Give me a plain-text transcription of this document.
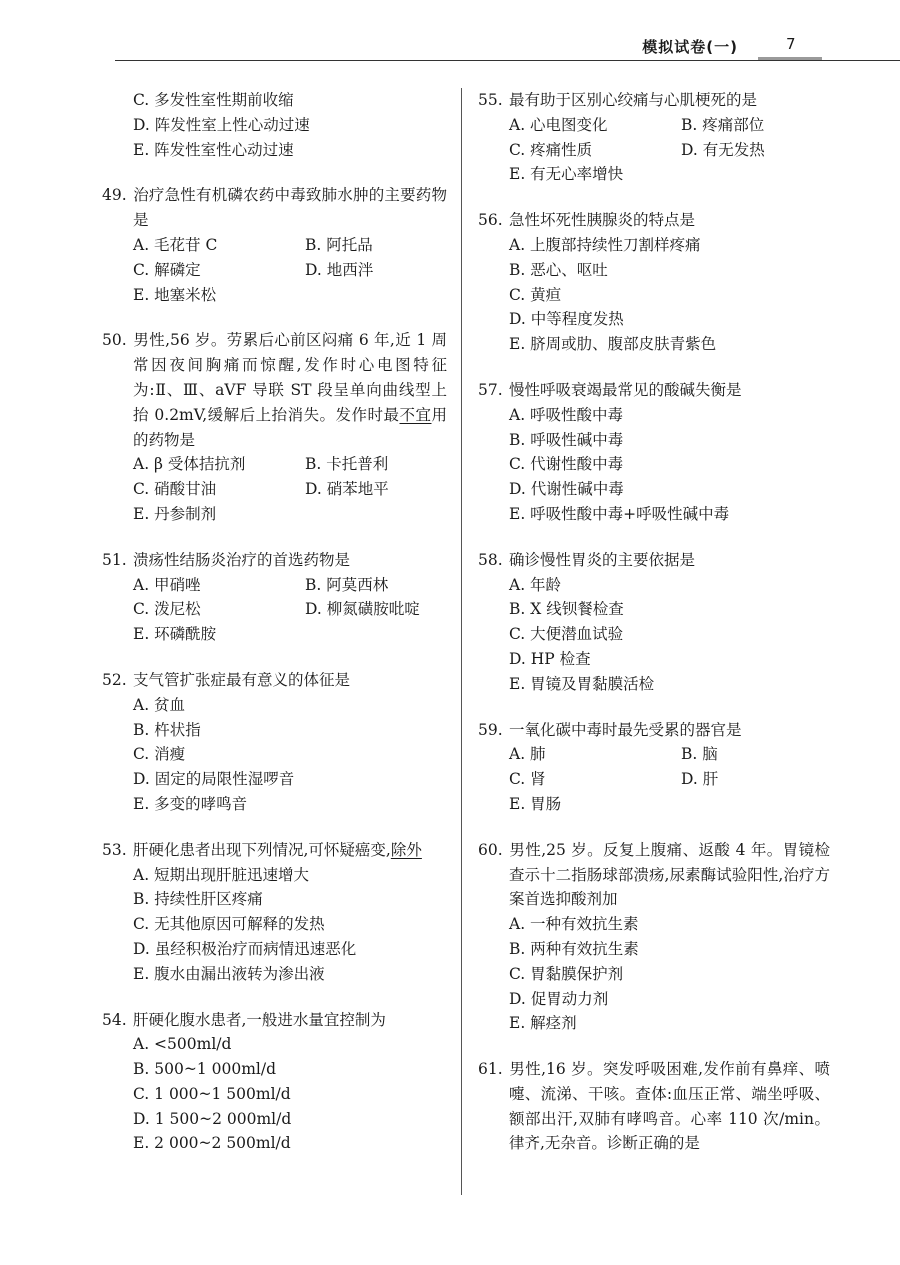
模拟试卷(一)	7
C. 多发性室性期前收缩
D. 阵发性室上性心动过速
E. 阵发性室性心动过速
49. 治疗急性有机磷农药中毒致肺水肿的主要药物是
A. 毛花苷 C	B. 阿托品
C. 解磷定	D. 地西泮
E. 地塞米松
50. 男性,56 岁。劳累后心前区闷痛 6 年,近 1 周常因夜间胸痛而惊醒,发作时心电图特征为:Ⅱ、Ⅲ、aVF 导联 ST 段呈单向曲线型上抬 0.2mV,缓解后上抬消失。发作时最不宜用的药物是
A. β 受体拮抗剂	B. 卡托普利
C. 硝酸甘油	D. 硝苯地平
E. 丹参制剂
51. 溃疡性结肠炎治疗的首选药物是
A. 甲硝唑	B. 阿莫西林
C. 泼尼松	D. 柳氮磺胺吡啶
E. 环磷酰胺
52. 支气管扩张症最有意义的体征是
A. 贫血
B. 杵状指
C. 消瘦
D. 固定的局限性湿啰音
E. 多变的哮鸣音
53. 肝硬化患者出现下列情况,可怀疑癌变,除外
A. 短期出现肝脏迅速增大
B. 持续性肝区疼痛
C. 无其他原因可解释的发热
D. 虽经积极治疗而病情迅速恶化
E. 腹水由漏出液转为渗出液
54. 肝硬化腹水患者,一般进水量宜控制为
A. <500ml/d
B. 500~1 000ml/d
C. 1 000~1 500ml/d
D. 1 500~2 000ml/d
E. 2 000~2 500ml/d
55. 最有助于区别心绞痛与心肌梗死的是
A. 心电图变化	B. 疼痛部位
C. 疼痛性质	D. 有无发热
E. 有无心率增快
56. 急性坏死性胰腺炎的特点是
A. 上腹部持续性刀割样疼痛
B. 恶心、呕吐
C. 黄疸
D. 中等程度发热
E. 脐周或肋、腹部皮肤青紫色
57. 慢性呼吸衰竭最常见的酸碱失衡是
A. 呼吸性酸中毒
B. 呼吸性碱中毒
C. 代谢性酸中毒
D. 代谢性碱中毒
E. 呼吸性酸中毒+呼吸性碱中毒
58. 确诊慢性胃炎的主要依据是
A. 年龄
B. X 线钡餐检查
C. 大便潜血试验
D. HP 检查
E. 胃镜及胃黏膜活检
59. 一氧化碳中毒时最先受累的器官是
A. 肺	B. 脑
C. 肾	D. 肝
E. 胃肠
60. 男性,25 岁。反复上腹痛、返酸 4 年。胃镜检查示十二指肠球部溃疡,尿素酶试验阳性,治疗方案首选抑酸剂加
A. 一种有效抗生素
B. 两种有效抗生素
C. 胃黏膜保护剂
D. 促胃动力剂
E. 解痉剂
61. 男性,16 岁。突发呼吸困难,发作前有鼻痒、喷嚏、流涕、干咳。查体:血压正常、端坐呼吸、额部出汗,双肺有哮鸣音。心率 110 次/min。律齐,无杂音。诊断正确的是
